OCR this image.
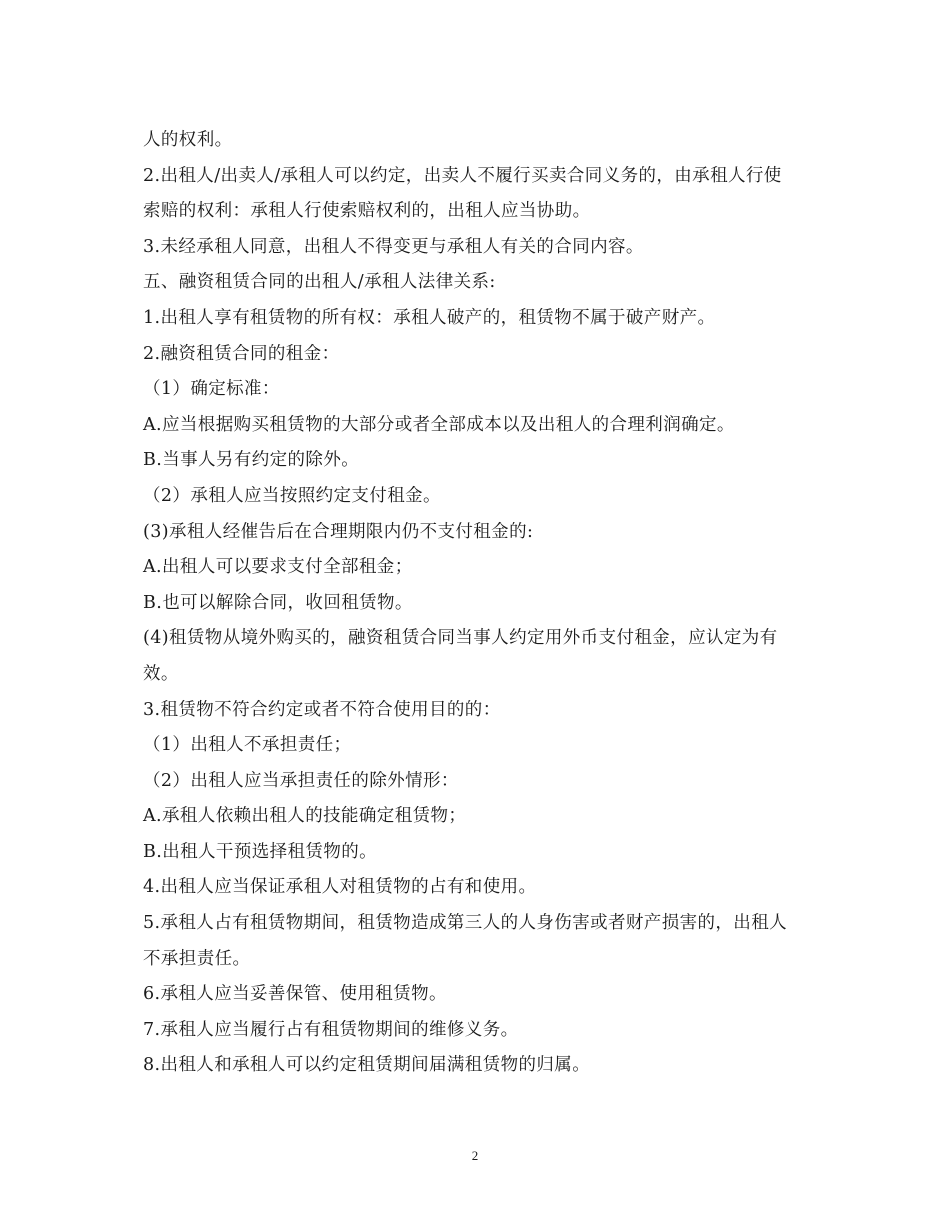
人的权利。
2.出租人/出卖人/承租人可以约定，出卖人不履行买卖合同义务的，由承租人行使
索赔的权利：承租人行使索赔权利的，出租人应当协助。
3.未经承租人同意，出租人不得变更与承租人有关的合同内容。
五、融资租赁合同的出租人/承租人法律关系:
1.出租人享有租赁物的所有权：承租人破产的，租赁物不属于破产财产。
2.融资租赁合同的租金：
（1）确定标准：
A.应当根据购买租赁物的大部分或者全部成本以及出租人的合理利润确定。
B.当事人另有约定的除外。
（2）承租人应当按照约定支付租金。
(3)承租人经催告后在合理期限内仍不支付租金的:
A.出租人可以要求支付全部租金；
B.也可以解除合同，收回租赁物。
(4)租赁物从境外购买的，融资租赁合同当事人约定用外币支付租金，应认定为有
效。
3.租赁物不符合约定或者不符合使用目的的：
（1）出租人不承担责任；
（2）出租人应当承担责任的除外情形：
A.承租人依赖出租人的技能确定租赁物；
B.出租人干预选择租赁物的。
4.出租人应当保证承租人对租赁物的占有和使用。
5.承租人占有租赁物期间，租赁物造成第三人的人身伤害或者财产损害的，出租人
不承担责任。
6.承租人应当妥善保管、使用租赁物。
7.承租人应当履行占有租赁物期间的维修义务。
8.出租人和承租人可以约定租赁期间届满租赁物的归属。
2
